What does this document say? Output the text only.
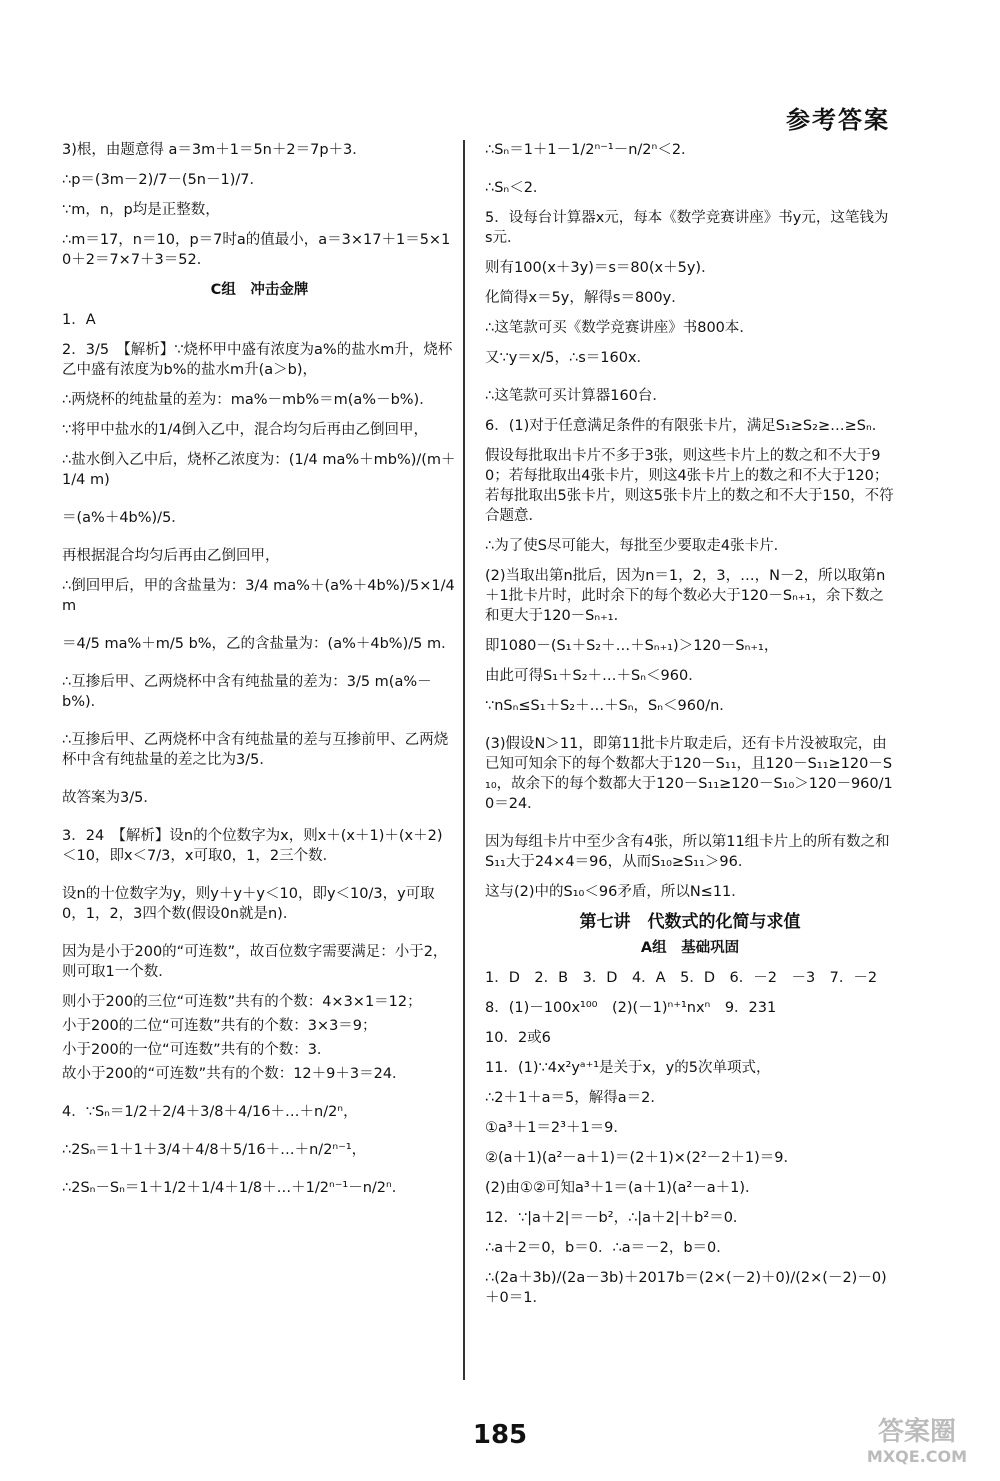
参考答案
3)根，由题意得 a＝3m＋1＝5n＋2＝7p＋3．
∴p＝(3m－2)/7－(5n－1)/7．
∵m，n，p均是正整数，
∴m＝17，n＝10，p＝7时a的值最小，a＝3×17＋1＝5×10＋2＝7×7＋3＝52．
C组　冲击金牌
1．A
2．3/5　【解析】∵烧杯甲中盛有浓度为a%的盐水m升，烧杯乙中盛有浓度为b%的盐水m升(a＞b)，
∴两烧杯的纯盐量的差为：ma%－mb%＝m(a%－b%)．
∵将甲中盐水的1/4倒入乙中，混合均匀后再由乙倒回甲，
∴盐水倒入乙中后，烧杯乙浓度为：(1/4 ma%＋mb%)/(m＋1/4 m)
＝(a%＋4b%)/5．
再根据混合均匀后再由乙倒回甲，
∴倒回甲后，甲的含盐量为：3/4 ma%＋(a%＋4b%)/5×1/4 m
＝4/5 ma%＋m/5 b%，乙的含盐量为：(a%＋4b%)/5 m．
∴互掺后甲、乙两烧杯中含有纯盐量的差为：3/5 m(a%－b%)．
∴互掺后甲、乙两烧杯中含有纯盐量的差与互掺前甲、乙两烧杯中含有纯盐量的差之比为3/5．
故答案为3/5．
3．24　【解析】设n的个位数字为x，则x＋(x＋1)＋(x＋2)＜10，即x＜7/3，x可取0，1，2三个数．
设n的十位数字为y，则y＋y＋y＜10，即y＜10/3，y可取0，1，2，3四个数(假设0n就是n)．
因为是小于200的“可连数”，故百位数字需要满足：小于2，则可取1一个数．
则小于200的三位“可连数”共有的个数：4×3×1＝12；
小于200的二位“可连数”共有的个数：3×3＝9；
小于200的一位“可连数”共有的个数：3．
故小于200的“可连数”共有的个数：12＋9＋3＝24．
4．∵Sₙ＝1/2＋2/4＋3/8＋4/16＋…＋n/2ⁿ，
∴2Sₙ＝1＋1＋3/4＋4/8＋5/16＋…＋n/2ⁿ⁻¹，
∴2Sₙ－Sₙ＝1＋1/2＋1/4＋1/8＋…＋1/2ⁿ⁻¹－n/2ⁿ．
∴Sₙ＝1＋1－1/2ⁿ⁻¹－n/2ⁿ＜2．
∴Sₙ＜2．
5．设每台计算器x元，每本《数学竞赛讲座》书y元，这笔钱为s元．
则有100(x＋3y)＝s＝80(x＋5y)．
化简得x＝5y，解得s＝800y．
∴这笔款可买《数学竞赛讲座》书800本．
又∵y＝x/5，∴s＝160x．
∴这笔款可买计算器160台．
6．(1)对于任意满足条件的有限张卡片，满足S₁≥S₂≥…≥Sₙ．
假设每批取出卡片不多于3张，则这些卡片上的数之和不大于90；若每批取出4张卡片，则这4张卡片上的数之和不大于120；若每批取出5张卡片，则这5张卡片上的数之和不大于150，不符合题意．
∴为了使S尽可能大，每批至少要取走4张卡片．
(2)当取出第n批后，因为n＝1，2，3，…，N－2，所以取第n＋1批卡片时，此时余下的每个数必大于120－Sₙ₊₁，余下数之和更大于120－Sₙ₊₁．
即1080－(S₁＋S₂＋…＋Sₙ₊₁)＞120－Sₙ₊₁，
由此可得S₁＋S₂＋…＋Sₙ＜960．
∵nSₙ≤S₁＋S₂＋…＋Sₙ，Sₙ＜960/n．
(3)假设N＞11，即第11批卡片取走后，还有卡片没被取完，由已知可知余下的每个数都大于120－S₁₁，且120－S₁₁≥120－S₁₀，故余下的每个数都大于120－S₁₁≥120－S₁₀＞120－960/10＝24．
因为每组卡片中至少含有4张，所以第11组卡片上的所有数之和S₁₁大于24×4＝96，从而S₁₀≥S₁₁＞96．
这与(2)中的S₁₀＜96矛盾，所以N≤11．
第七讲　代数式的化简与求值
A组　基础巩固
1．D　2．B　3．D　4．A　5．D　6．－2　－3　7．－2
8．(1)－100x¹⁰⁰　(2)(－1)ⁿ⁺¹nxⁿ　9．231
10．2或6
11．(1)∵4x²yᵃ⁺¹是关于x，y的5次单项式，
∴2＋1＋a＝5，解得a＝2．
①a³＋1＝2³＋1＝9．
②(a＋1)(a²－a＋1)＝(2＋1)×(2²－2＋1)＝9．
(2)由①②可知a³＋1＝(a＋1)(a²－a＋1)．
12．∵|a＋2|＝－b²，∴|a＋2|＋b²＝0．
∴a＋2＝0，b＝0．∴a＝－2，b＝0．
∴(2a＋3b)/(2a－3b)＋2017b＝(2×(－2)＋0)/(2×(－2)－0)＋0＝1．
185	答案圈
MXQE.COM
